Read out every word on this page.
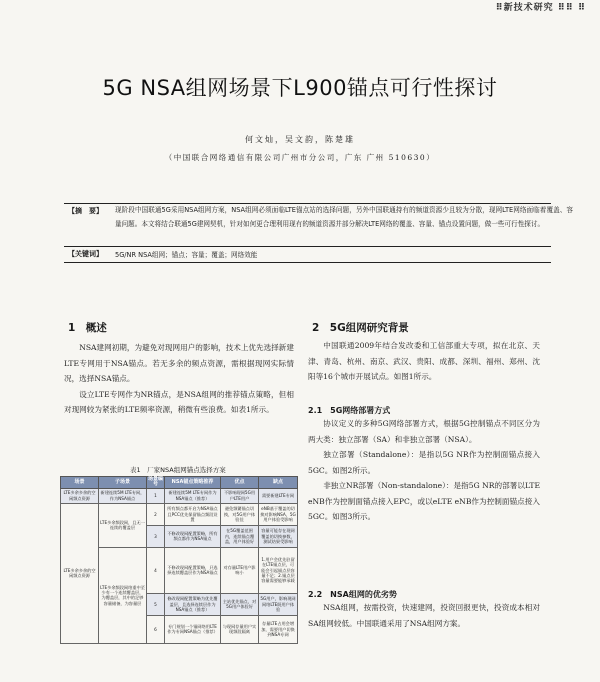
⠿新技术研究 ⠿⠿ ⠿
5G NSA组网场景下L900锚点可行性探讨
何文灿，吴文韵，陈楚雄
（中国联合网络通信有限公司广州市分公司，广东 广州 510630）
【摘　要】 现阶段中国联通5G采用NSA组网方案，NSA组网必须面临LTE锚点站的选择问题，另外中国联通持有的频道资源少且较为分散，现网LTE网络面临着覆盖、容量问题。本文将结合联通5G建网契机，针对如何更合理利用现有的频道资源并部分解决LTE网络的覆盖、容量、锚点设置问题，做一些可行性探讨。
【关键词】 5G/NR NSA组网；锚点；容量；覆盖；网络效能
1　概述

NSA建网初期，为避免对现网用户的影响，技术上优先选择新建LTE专网用于NSA锚点。若无多余的频点资源，需根据现网实际情况，选择NSA锚点。

设立LTE专网作为NR锚点，是NSA组网的推荐锚点策略，但相对现网较为紧张的LTE频率资源，稍微有些浪费。如表1所示。

表1　厂家NSA组网锚点选择方案
场景	子场景	场景编号	NSA锚点策略推荐	优点	缺点
LTE多余多余的空闲频点资源	新建连续5M LTE专网，作为NSA锚点	1	新建连续5M LTE专网作为NSA锚点（推荐）	不影响现网5G用户LTE用户	需要新建LTE专网
LTE多余多余的空闲频点资源	LTE多余频段网，且无一连续的覆盖层	2	所有频点都开启为NSA锚点且PCC优先保留锚点频段设置	避免频繁锚点切换，对5G用户体验佳	eNB基于覆盖的切换对影响NSA，5G用户体验受影响
		3	不修改现网配置策略，所有频点都作为NSA锚点	在5G覆盖范围内，连续锚点覆盖，用户体验好	容量可能存在现网覆盖的切换参数，测试结果受影响
	LTE多余频段网络重中至少有一个连续覆盖层，为覆盖层，其中的足够容量储备，为容量层	4	不修改现网配置策略，只选择连续覆盖层作为NSA锚点	对存量LTE用户影响小	1.用户会优先驻留在LTE锚点层，可能会引起锚点层容量不足；2.锚点层容量需要能够承载
		5	修改现网配置策略为优先覆盖层，且选择连续层作为NSA锚点（推荐）	主站优先锚点，对5G用户体验好	5G用户，影响现网网络LTE既用户体验
		6	专门规划一个锚网络用LTE作为专网NSA锚点（推荐）	与现网存量用户实现频段隔离	存量LTE占用会增加，需要用户切换到NSA专网
2　5G组网研究背景

中国联通2009年结合发改委和工信部重大专项，拟在北京、天津、青岛、杭州、南京、武汉、贵阳、成都、深圳、福州、郑州、沈阳等16个城市开展试点。如图1所示。

2.1　5G网络部署方式

协议定义的多种5G网络部署方式，根据5G控制锚点不同区分为两大类：独立部署（SA）和非独立部署（NSA）。

独立部署（Standalone）：是指以5G NR作为控制面锚点接入5GC。如图2所示。

非独立NR部署（Non-standalone）：是指5G NR的部署以LTE eNB作为控制面锚点接入EPC，或以eLTE eNB作为控制面锚点接入5GC。如图3所示。

2.2　NSA组网的优劣势

NSA组网，按需投资，快速建网，投资回报更快，投资成本相对SA组网较低。中国联通采用了NSA组网方案。
